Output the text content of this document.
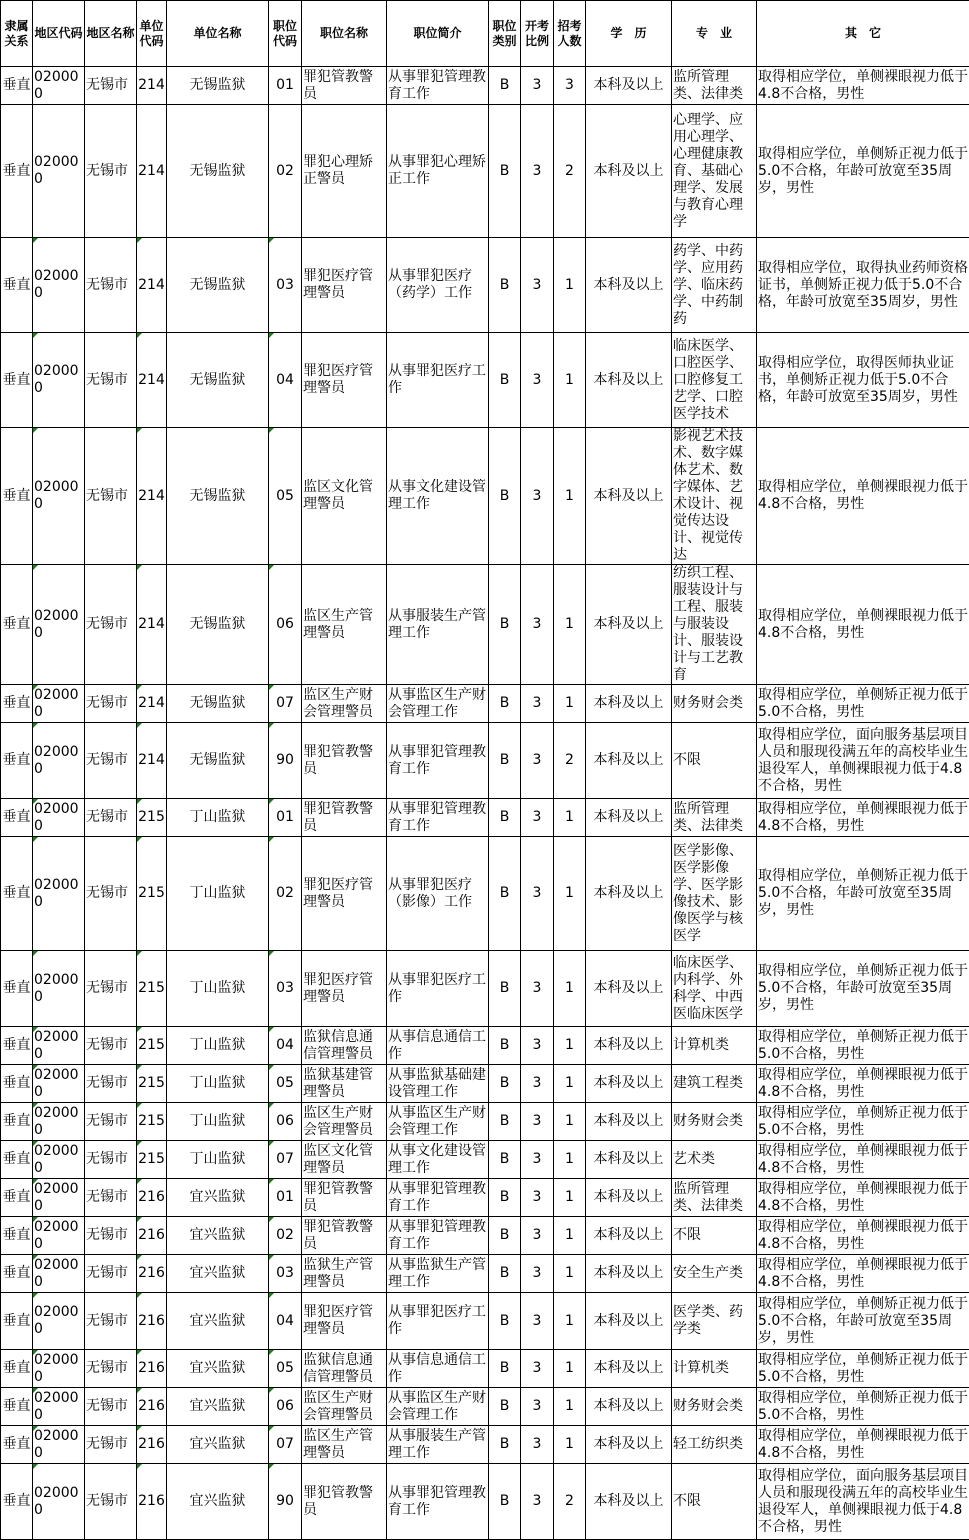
隶属关系	地区代码	地区名称	单位代码	单位名称	职位代码	职位名称	职位简介	职位类别	开考比例	招考人数	学　历	专　业	其　它
垂直	020000	无锡市	214	无锡监狱	01	罪犯管教警员	从事罪犯管理教育工作	B	3	3	本科及以上	监所管理类、法律类	取得相应学位，单侧裸眼视力低于4.8不合格，男性
垂直	020000	无锡市	214	无锡监狱	02	罪犯心理矫正警员	从事罪犯心理矫正工作	B	3	2	本科及以上	心理学、应用心理学、心理健康教育、基础心理学、发展与教育心理学	取得相应学位，单侧矫正视力低于5.0不合格，年龄可放宽至35周岁，男性
垂直	020000	无锡市	214	无锡监狱	03	罪犯医疗管理警员	从事罪犯医疗（药学）工作	B	3	1	本科及以上	药学、中药学、应用药学、临床药学、中药制药	取得相应学位，取得执业药师资格证书，单侧矫正视力低于5.0不合格，年龄可放宽至35周岁，男性
垂直	020000	无锡市	214	无锡监狱	04	罪犯医疗管理警员	从事罪犯医疗工作	B	3	1	本科及以上	临床医学、口腔医学、口腔修复工艺学、口腔医学技术	取得相应学位，取得医师执业证书，单侧矫正视力低于5.0不合格，年龄可放宽至35周岁，男性
垂直	020000	无锡市	214	无锡监狱	05	监区文化管理警员	从事文化建设管理工作	B	3	1	本科及以上	影视艺术技术、数字媒体艺术、数字媒体、艺术设计、视觉传达设计、视觉传达	取得相应学位，单侧裸眼视力低于4.8不合格，男性
垂直	020000	无锡市	214	无锡监狱	06	监区生产管理警员	从事服装生产管理工作	B	3	1	本科及以上	纺织工程、服装设计与工程、服装与服装设计、服装设计与工艺教育	取得相应学位，单侧裸眼视力低于4.8不合格，男性
垂直	020000	无锡市	214	无锡监狱	07	监区生产财会管理警员	从事监区生产财会管理工作	B	3	1	本科及以上	财务财会类	取得相应学位，单侧矫正视力低于5.0不合格，男性
垂直	020000	无锡市	214	无锡监狱	90	罪犯管教警员	从事罪犯管理教育工作	B	3	2	本科及以上	不限	取得相应学位，面向服务基层项目人员和服现役满五年的高校毕业生退役军人，单侧裸眼视力低于4.8不合格，男性
垂直	020000	无锡市	215	丁山监狱	01	罪犯管教警员	从事罪犯管理教育工作	B	3	1	本科及以上	监所管理类、法律类	取得相应学位，单侧裸眼视力低于4.8不合格，男性
垂直	020000	无锡市	215	丁山监狱	02	罪犯医疗管理警员	从事罪犯医疗（影像）工作	B	3	1	本科及以上	医学影像、医学影像学、医学影像技术、影像医学与核医学	取得相应学位，单侧矫正视力低于5.0不合格，年龄可放宽至35周岁，男性
垂直	020000	无锡市	215	丁山监狱	03	罪犯医疗管理警员	从事罪犯医疗工作	B	3	1	本科及以上	临床医学、内科学、外科学、中西医临床医学	取得相应学位，单侧矫正视力低于5.0不合格，年龄可放宽至35周岁，男性
垂直	020000	无锡市	215	丁山监狱	04	监狱信息通信管理警员	从事信息通信工作	B	3	1	本科及以上	计算机类	取得相应学位，单侧矫正视力低于5.0不合格，男性
垂直	020000	无锡市	215	丁山监狱	05	监狱基建管理警员	从事监狱基础建设管理工作	B	3	1	本科及以上	建筑工程类	取得相应学位，单侧裸眼视力低于4.8不合格，男性
垂直	020000	无锡市	215	丁山监狱	06	监区生产财会管理警员	从事监区生产财会管理工作	B	3	1	本科及以上	财务财会类	取得相应学位，单侧矫正视力低于5.0不合格，男性
垂直	020000	无锡市	215	丁山监狱	07	监区文化管理警员	从事文化建设管理工作	B	3	1	本科及以上	艺术类	取得相应学位，单侧裸眼视力低于4.8不合格，男性
垂直	020000	无锡市	216	宜兴监狱	01	罪犯管教警员	从事罪犯管理教育工作	B	3	1	本科及以上	监所管理类、法律类	取得相应学位，单侧裸眼视力低于4.8不合格，男性
垂直	020000	无锡市	216	宜兴监狱	02	罪犯管教警员	从事罪犯管理教育工作	B	3	1	本科及以上	不限	取得相应学位，单侧裸眼视力低于4.8不合格，男性
垂直	020000	无锡市	216	宜兴监狱	03	监狱生产管理警员	从事监狱生产管理工作	B	3	1	本科及以上	安全生产类	取得相应学位，单侧裸眼视力低于4.8不合格，男性
垂直	020000	无锡市	216	宜兴监狱	04	罪犯医疗管理警员	从事罪犯医疗工作	B	3	1	本科及以上	医学类、药学类	取得相应学位，单侧矫正视力低于5.0不合格，年龄可放宽至35周岁，男性
垂直	020000	无锡市	216	宜兴监狱	05	监狱信息通信管理警员	从事信息通信工作	B	3	1	本科及以上	计算机类	取得相应学位，单侧矫正视力低于5.0不合格，男性
垂直	020000	无锡市	216	宜兴监狱	06	监区生产财会管理警员	从事监区生产财会管理工作	B	3	1	本科及以上	财务财会类	取得相应学位，单侧矫正视力低于5.0不合格，男性
垂直	020000	无锡市	216	宜兴监狱	07	监区生产管理警员	从事服装生产管理工作	B	3	1	本科及以上	轻工纺织类	取得相应学位，单侧裸眼视力低于4.8不合格，男性
垂直	020000	无锡市	216	宜兴监狱	90	罪犯管教警员	从事罪犯管理教育工作	B	3	2	本科及以上	不限	取得相应学位，面向服务基层项目人员和服现役满五年的高校毕业生退役军人，单侧裸眼视力低于4.8不合格，男性
